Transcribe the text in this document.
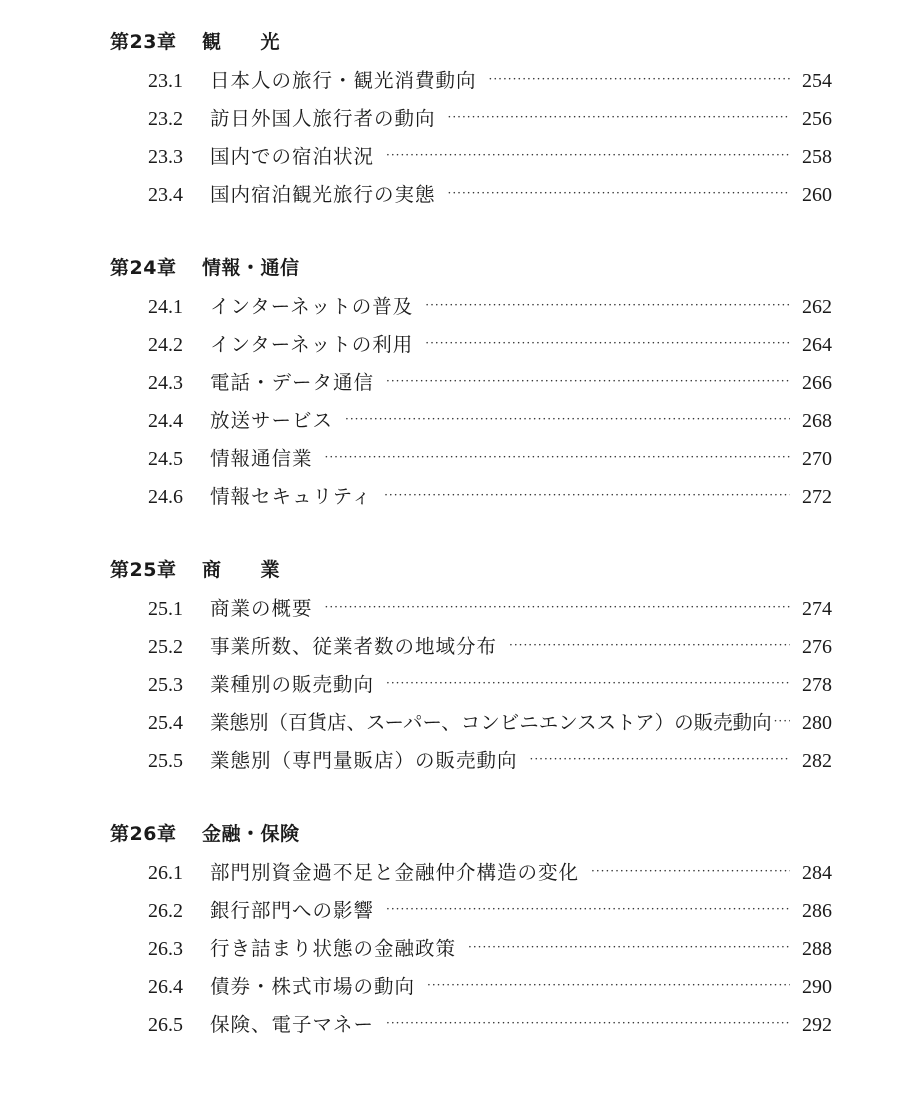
第23章	観　　光
23.1	日本人の旅行・観光消費動向 ·····	254
23.2	訪日外国人旅行者の動向 ·····	256
23.3	国内での宿泊状況 ·····	258
23.4	国内宿泊観光旅行の実態 ·····	260
第24章	情報・通信
24.1	インターネットの普及 ·····	262
24.2	インターネットの利用 ·····	264
24.3	電話・データ通信 ·····	266
24.4	放送サービス ·····	268
24.5	情報通信業 ·····	270
24.6	情報セキュリティ ·····	272
第25章	商　　業
25.1	商業の概要 ·····	274
25.2	事業所数、従業者数の地域分布 ·····	276
25.3	業種別の販売動向 ·····	278
25.4	業態別（百貨店、スーパー、コンビニエンスストア）の販売動向 ····· 280
25.5	業態別（専門量販店）の販売動向 ·····	282
第26章	金融・保険
26.1	部門別資金過不足と金融仲介構造の変化 ·····	284
26.2	銀行部門への影響 ·····	286
26.3	行き詰まり状態の金融政策 ·····	288
26.4	債券・株式市場の動向 ·····	290
26.5	保険、電子マネー ·····	292
